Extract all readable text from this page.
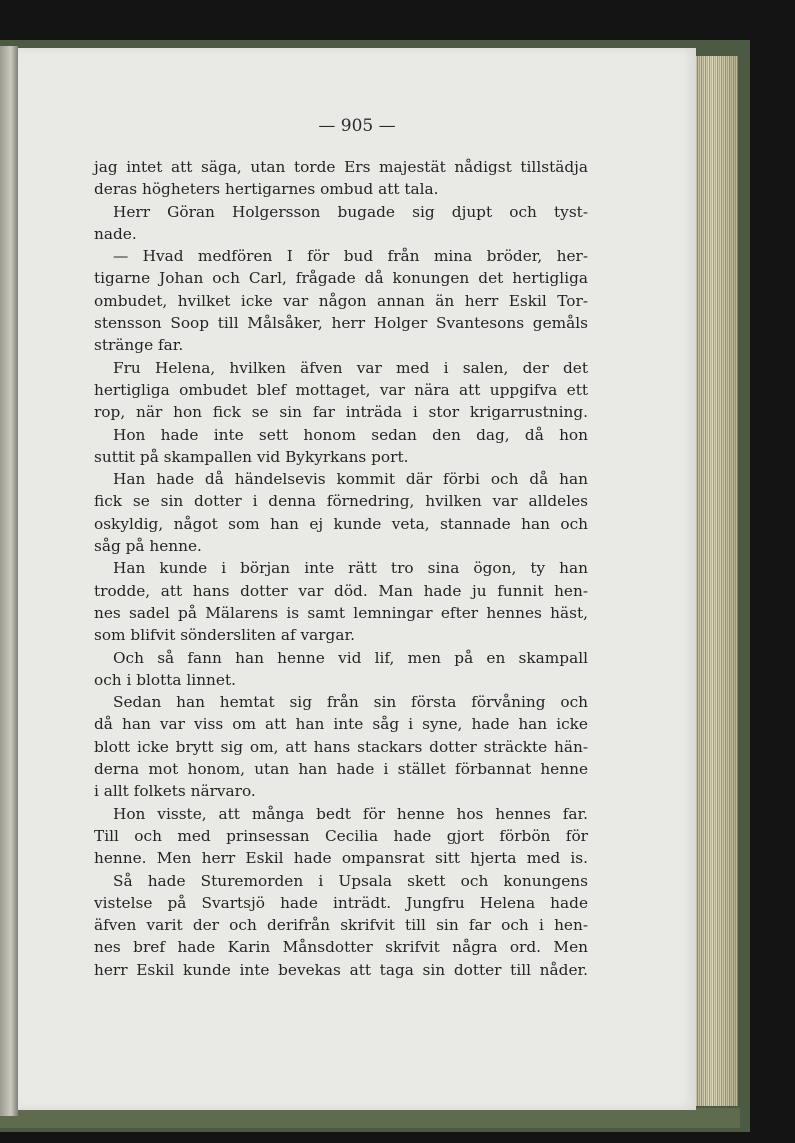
— 905 —

jag intet att säga, utan torde Ers majestät nådigst tillstädja
deras högheters hertigarnes ombud att tala.
Herr Göran Holgersson bugade sig djupt och tyst-
nade.
— Hvad medfören I för bud från mina bröder, her-
tigarne Johan och Carl, frågade då konungen det hertigliga
ombudet, hvilket icke var någon annan än herr Eskil Tor-
stensson Soop till Målsåker, herr Holger Svantesons gemåls
stränge far.
Fru Helena, hvilken äfven var med i salen, der det
hertigliga ombudet blef mottaget, var nära att uppgifva ett
rop, när hon fick se sin far inträda i stor krigarrustning.
Hon hade inte sett honom sedan den dag, då hon
suttit på skampallen vid Bykyrkans port.
Han hade då händelsevis kommit där förbi och då han
fick se sin dotter i denna förnedring, hvilken var alldeles
oskyldig, något som han ej kunde veta, stannade han och
såg på henne.
Han kunde i början inte rätt tro sina ögon, ty han
trodde, att hans dotter var död. Man hade ju funnit hen-
nes sadel på Mälarens is samt lemningar efter hennes häst,
som blifvit söndersliten af vargar.
Och så fann han henne vid lif, men på en skampall
och i blotta linnet.
Sedan han hemtat sig från sin första förvåning och
då han var viss om att han inte såg i syne, hade han icke
blott icke brytt sig om, att hans stackars dotter sträckte hän-
derna mot honom, utan han hade i stället förbannat henne
i allt folkets närvaro.
Hon visste, att många bedt för henne hos hennes far.
Till och med prinsessan Cecilia hade gjort förbön för
henne. Men herr Eskil hade ompansrat sitt hjerta med is.
Så hade Sturemorden i Upsala skett och konungens
vistelse på Svartsjö hade inträdt. Jungfru Helena hade
äfven varit der och derifrån skrifvit till sin far och i hen-
nes bref hade Karin Månsdotter skrifvit några ord. Men
herr Eskil kunde inte bevekas att taga sin dotter till nåder.
